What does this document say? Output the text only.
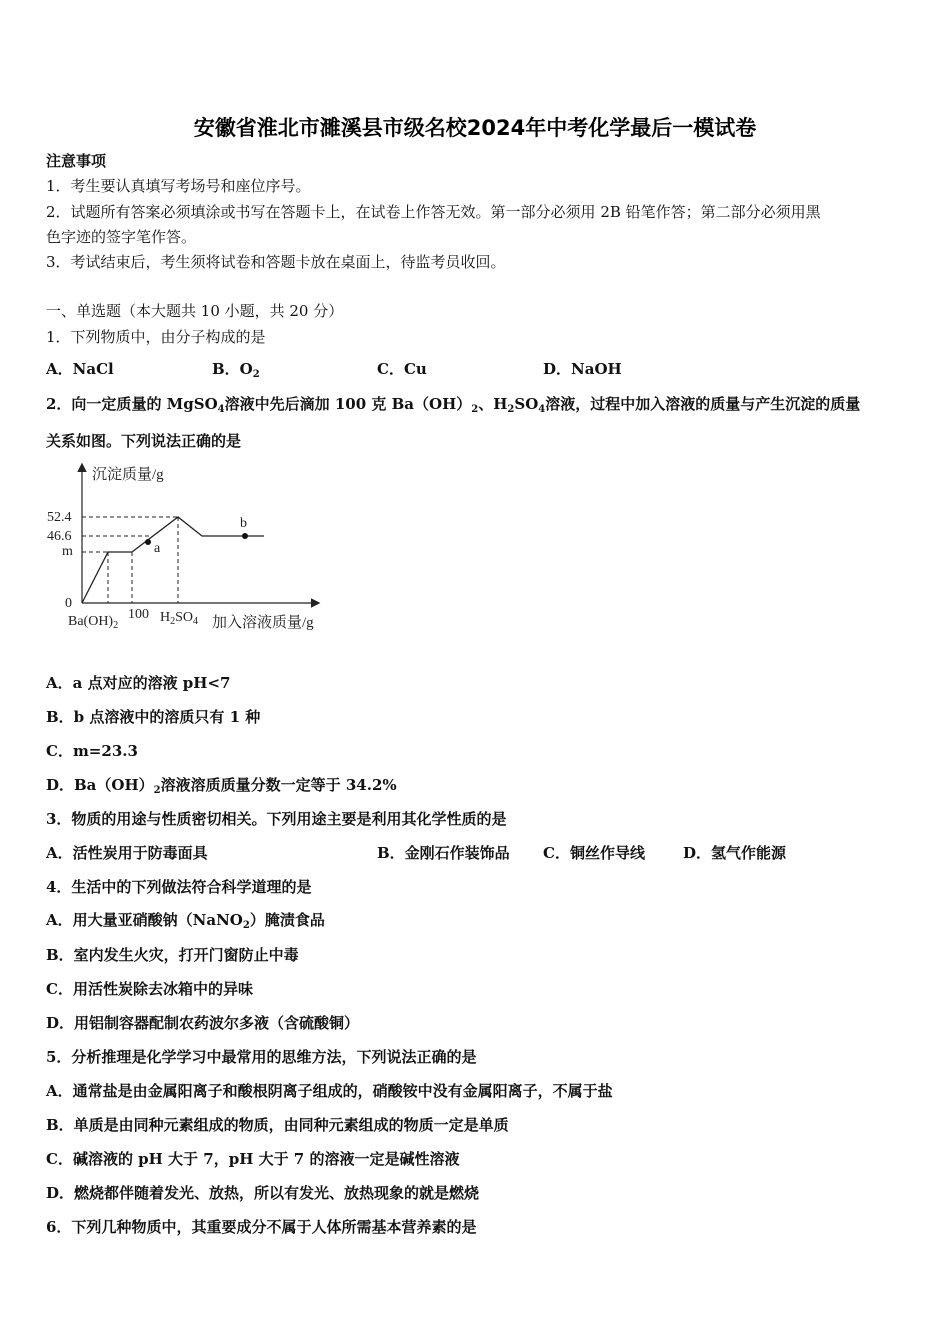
安徽省淮北市濉溪县市级名校2024年中考化学最后一模试卷
注意事项
1．考生要认真填写考场号和座位序号。
2．试题所有答案必须填涂或书写在答题卡上，在试卷上作答无效。第一部分必须用 2B 铅笔作答；第二部分必须用黑
色字迹的签字笔作答。
3．考试结束后，考生须将试卷和答题卡放在桌面上，待监考员收回。
一、单选题（本大题共 10 小题，共 20 分）
1．下列物质中，由分子构成的是
A．NaCl	B．$O_2$	C．Cu	D．NaOH
2．向一定质量的 MgSO$_4$溶液中先后滴加 100 克 $Ba(OH)_2$、$H_2SO_4$溶液，过程中加入溶液的质量与产生沉淀的质量
关系如图。下列说法正确的是
沉淀质量/g
加入溶液质量/g
52.4
46.6
m
0
a
b
$Ba(OH)_2$
100 $H_2SO_4$
A．a 点对应的溶液 pH<7
B．b 点溶液中的溶质只有 1 种
C．m=23.3
D．$Ba(OH)_2$溶液溶质质量分数一定等于 34.2%
3．物质的用途与性质密切相关。下列用途主要是利用其化学性质的是
A．活性炭用于防毒面具	B．金刚石作装饰品 C．铜丝作导线	D．氢气作能源
4．生活中的下列做法符合科学道理的是
A．用大量亚硝酸钠（NaNO$_2$）腌渍食品
B．室内发生火灾，打开门窗防止中毒
C．用活性炭除去冰箱中的异味
D．用铝制容器配制农药波尔多液（含硫酸铜）
5．分析推理是化学学习中最常用的思维方法，下列说法正确的是
A．通常盐是由金属阳离子和酸根阴离子组成的，硝酸铵中没有金属阳离子，不属于盐
B．单质是由同种元素组成的物质，由同种元素组成的物质一定是单质
C．碱溶液的 pH 大于 7，pH 大于 7 的溶液一定是碱性溶液
D．燃烧都伴随着发光、放热，所以有发光、放热现象的就是燃烧
6．下列几种物质中，其重要成分不属于人体所需基本营养素的是
